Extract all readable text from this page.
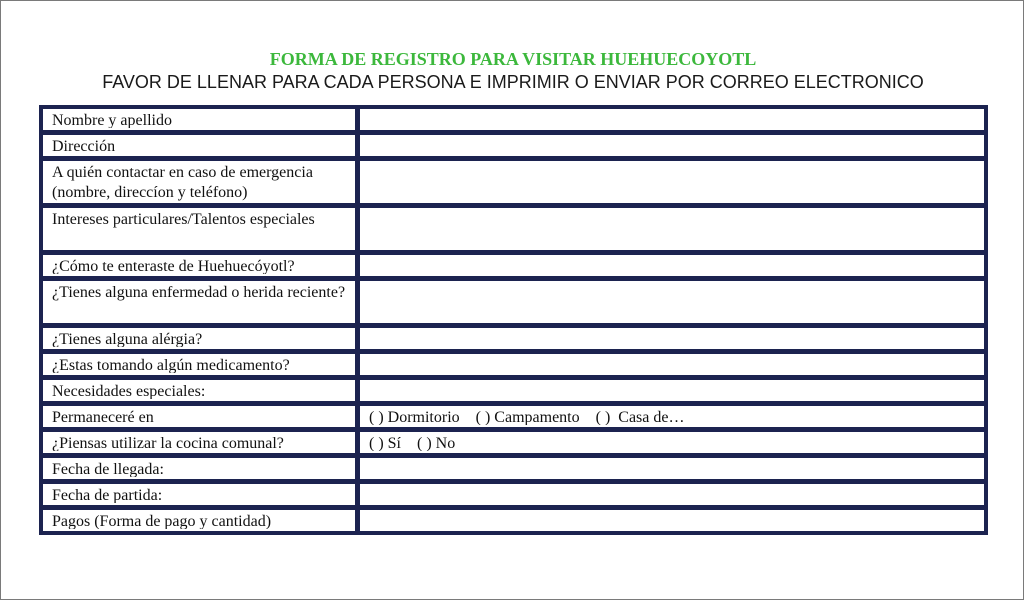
FORMA DE REGISTRO PARA VISITAR HUEHUECOYOTL
FAVOR DE LLENAR PARA CADA PERSONA E IMPRIMIR O ENVIAR POR CORREO ELECTRONICO
Nombre y apellido
Dirección
A quién contactar en caso de emergencia (nombre, direccíon y teléfono)
Intereses particulares/Talentos especiales
¿Cómo te enteraste de Huehuecóyotl?
¿Tienes alguna enfermedad o herida reciente?
¿Tienes alguna alérgia?
¿Estas tomando algún medicamento?
Necesidades especiales:
Permaneceré en	( ) Dormitorio    ( ) Campamento    ( )  Casa de…
¿Piensas utilizar la cocina comunal?	( ) Sí    ( ) No
Fecha de llegada:
Fecha de partida:
Pagos (Forma de pago y cantidad)
